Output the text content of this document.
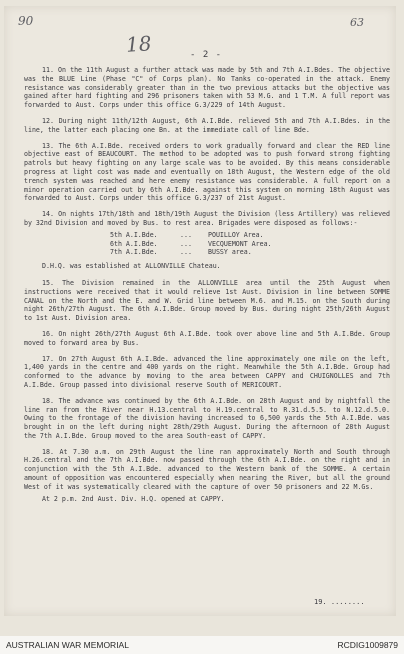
90
18
63
- 2 -

11. On the 11th August a further attack was made by 5th and 7th A.I.Bdes. The objective was the BLUE Line (Phase "C" of Corps plan). No Tanks co-operated in the attack. Enemy resistance was considerably greater than in the two previous attacks but the objective was gained after hard fighting and 296 prisoners taken with 53 M.G. and 1 T.M. A full report was forwarded to Aust. Corps under this office G.3/229 of 14th August.

12. During night 11th/12th August, 6th A.I.Bde. relieved 5th and 7th A.I.Bdes. in the line, the latter each placing one Bn. at the immediate call of line Bde.

13. The 6th A.I.Bde. received orders to work gradually forward and clear the RED line objective east of BEAUCOURT. The method to be adopted was to push forward strong fighting patrols but heavy fighting on any large scale was to be avoided. By this means considerable progress at light cost was made and eventually on 18th August, the Western edge of the old trench system was reached and here enemy resistance was considerable. A full report on a minor operation carried out by 6th A.I.Bde. against this system on morning 18th August was forwarded to Aust. Corps under this office G.3/237 of 21st August.

14. On nights 17th/18th and 18th/19th August the Division (less Artillery) was relieved by 32nd Division and moved by Bus. to rest area. Brigades were disposed as follows:-

5th A.I.Bde.	...	POUILLOY Area.
6th A.I.Bde.	...	VECQUEMONT Area.
7th A.I.Bde.	...	BUSSY area.

D.H.Q. was established at ALLONVILLE Chateau.

15. The Division remained in the ALLONVILLE area until the 25th August when instructions were received that it would relieve 1st Aust. Division in line between SOMME CANAL on the North and the E. and W. Grid line between M.6. and M.15. on the South during night 26th/27th August. The 6th A.I.Bde. Group moved by Bus. during night 25th/26th August to 1st Aust. Division area.

16. On night 26th/27th August 6th A.I.Bde. took over above line and 5th A.I.Bde. Group moved to forward area by Bus.

17. On 27th August 6th A.I.Bde. advanced the line approximately one mile on the left, 1,400 yards in the centre and 400 yards on the right. Meanwhile the 5th A.I.Bde. Group had conformed to the advance by moving to the area between CAPPY and CHUIGNOLLES and 7th A.I.Bde. Group passed into divisional reserve South of MERICOURT.

18. The advance was continued by the 6th A.I.Bde. on 28th August and by nightfall the line ran from the River near H.13.central to H.19.central to R.31.d.5.5. to N.12.d.5.0. Owing to the frontage of the division having increased to 6,500 yards the 5th A.I.Bde. was brought in on the left during night 28th/29th August. During the afternoon of 28th August the 7th A.I.Bde. Group moved to the area South-east of CAPPY.

18. At 7.30 a.m. on 29th August the line ran approximately North and South through H.26.central and the 7th A.I.Bde. now passed through the 6th A.I.Bde. on the right and in conjunction with the 5th A.I.Bde. advanced to the Western bank of the SOMME. A certain amount of opposition was encountered especially when nearing the River, but all the ground West of it was systematically cleared with the capture of over 50 prisoners and 22 M.Gs.

At 2 p.m. 2nd Aust. Div. H.Q. opened at CAPPY.

19. ........
AUSTRALIAN WAR MEMORIAL	RCDIG1009879
